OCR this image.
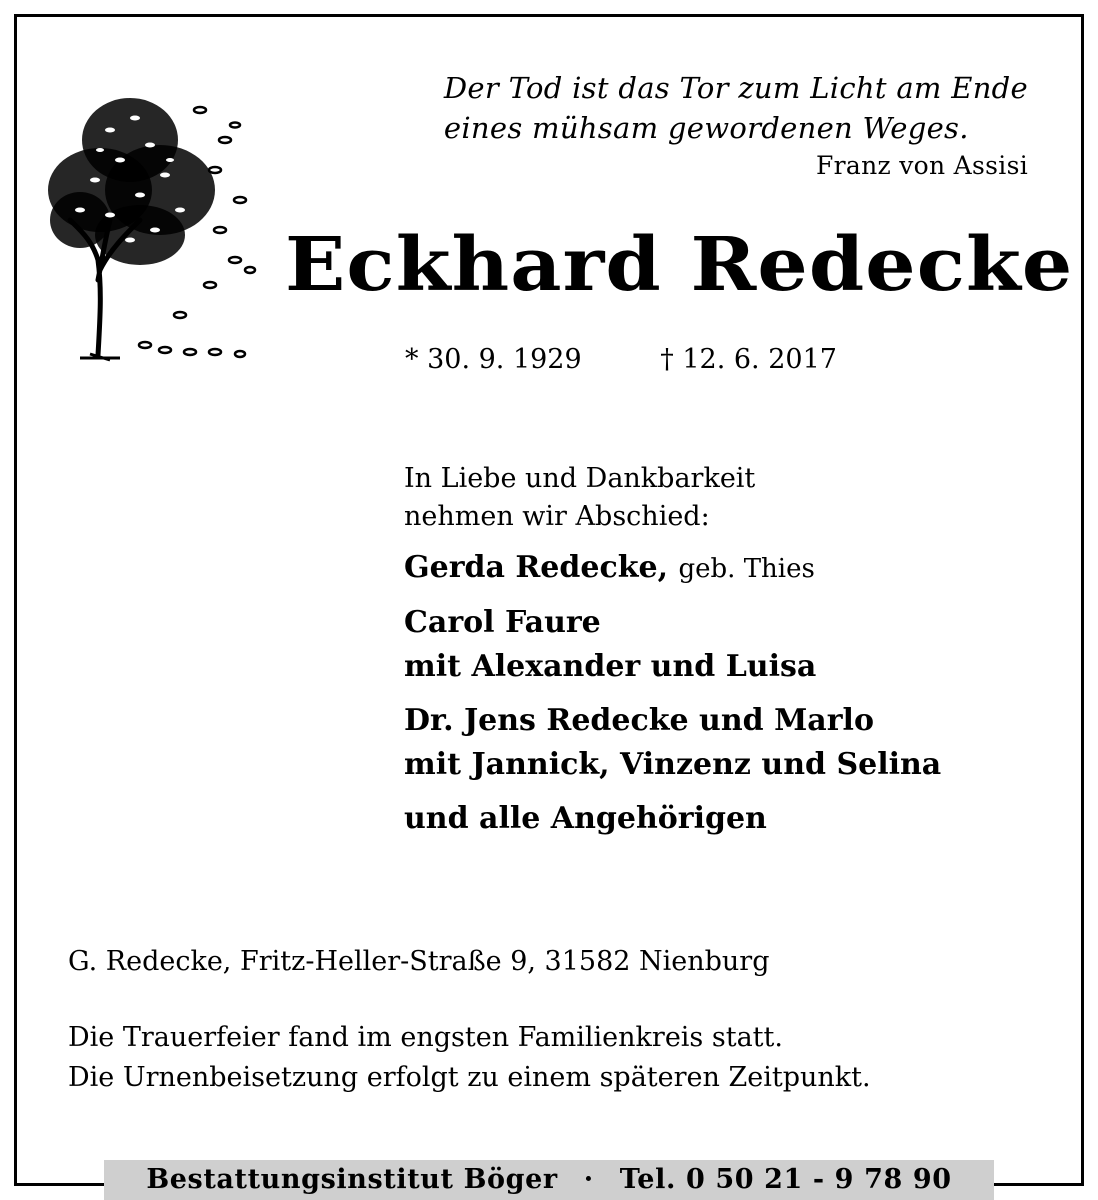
Der Tod ist das Tor zum Licht am Ende
eines mühsam gewordenen Weges.
Franz von Assisi
Eckhard Redecke
* 30. 9. 1929	† 12. 6. 2017
In Liebe und Dankbarkeit
nehmen wir Abschied:
Gerda Redecke, geb. Thies
Carol Faure
mit Alexander und Luisa
Dr. Jens Redecke und Marlo
mit Jannick, Vinzenz und Selina
und alle Angehörigen
G. Redecke, Fritz-Heller-Straße 9, 31582 Nienburg
Die Trauerfeier fand im engsten Familienkreis statt.
Die Urnenbeisetzung erfolgt zu einem späteren Zeitpunkt.
Bestattungsinstitut Böger · Tel. 0 50 21 - 9 78 90
